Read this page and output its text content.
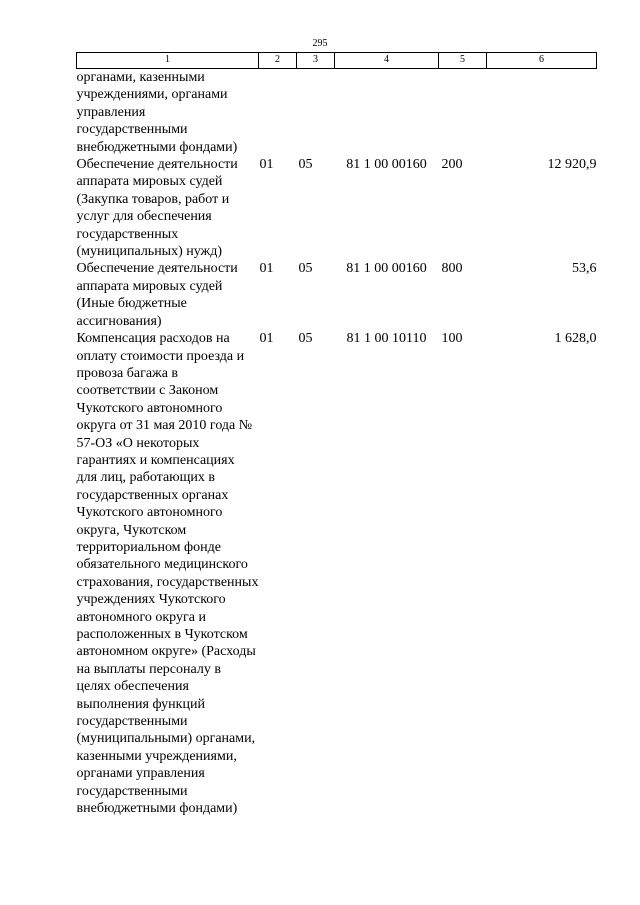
295
1	2	3	4	5	6
органами, казенными учреждениями, органами управления государственными внебюджетными фондами)					
Обеспечение деятельности аппарата мировых судей (Закупка товаров, работ и услуг для обеспечения государственных (муниципальных) нужд)	01	05	81 1 00 00160	200	12 920,9
Обеспечение деятельности аппарата мировых судей (Иные бюджетные ассигнования)	01	05	81 1 00 00160	800	53,6
Компенсация расходов на оплату стоимости проезда и провоза багажа в соответствии с Законом Чукотского автономного округа от 31 мая 2010 года № 57-ОЗ «О некоторых гарантиях и компенсациях для лиц, работающих в государственных органах Чукотского автономного округа, Чукотском территориальном фонде обязательного медицинского страхования, государственных учреждениях Чукотского автономного округа и расположенных в Чукотском автономном округе» (Расходы на выплаты персоналу в целях обеспечения выполнения функций государственными (муниципальными) органами, казенными учреждениями, органами управления государственными внебюджетными фондами)	01	05	81 1 00 10110	100	1 628,0
